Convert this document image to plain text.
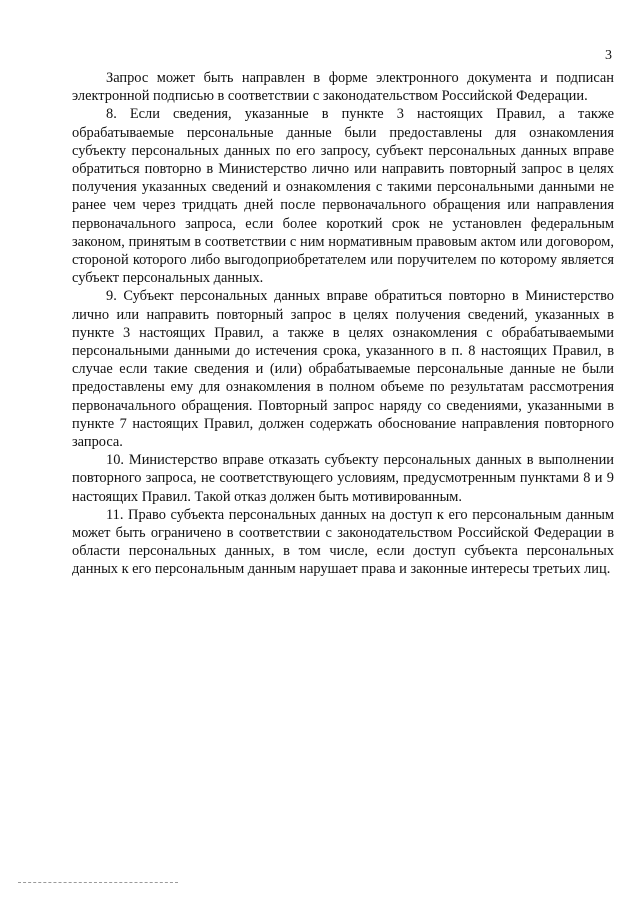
3

Запрос может быть направлен в форме электронного документа и подписан электронной подписью в соответствии с законодательством Российской Федерации.

8. Если сведения, указанные в пункте 3 настоящих Правил, а также обрабатываемые персональные данные были предоставлены для ознакомления субъекту персональных данных по его запросу, субъект персональных данных вправе обратиться повторно в Министерство лично или направить повторный запрос в целях получения указанных сведений и ознакомления с такими персональными данными не ранее чем через тридцать дней после первоначального обращения или направления первоначального запроса, если более короткий срок не установлен федеральным законом, принятым в соответствии с ним нормативным правовым актом или договором, стороной которого либо выгодоприобретателем или поручителем по которому является субъект персональных данных.

9. Субъект персональных данных вправе обратиться повторно в Министерство лично или направить повторный запрос в целях получения сведений, указанных в пункте 3 настоящих Правил, а также в целях ознакомления с обрабатываемыми персональными данными до истечения срока, указанного в п. 8 настоящих Правил, в случае если такие сведения и (или) обрабатываемые персональные данные не были предоставлены ему для ознакомления в полном объеме по результатам рассмотрения первоначального обращения. Повторный запрос наряду со сведениями, указанными в пункте 7 настоящих Правил, должен содержать обоснование направления повторного запроса.

10. Министерство вправе отказать субъекту персональных данных в выполнении повторного запроса, не соответствующего условиям, предусмотренным пунктами 8 и 9 настоящих Правил. Такой отказ должен быть мотивированным.

11. Право субъекта персональных данных на доступ к его персональным данным может быть ограничено в соответствии с законодательством Российской Федерации в области персональных данных, в том числе, если доступ субъекта персональных данных к его персональным данным нарушает права и законные интересы третьих лиц.
